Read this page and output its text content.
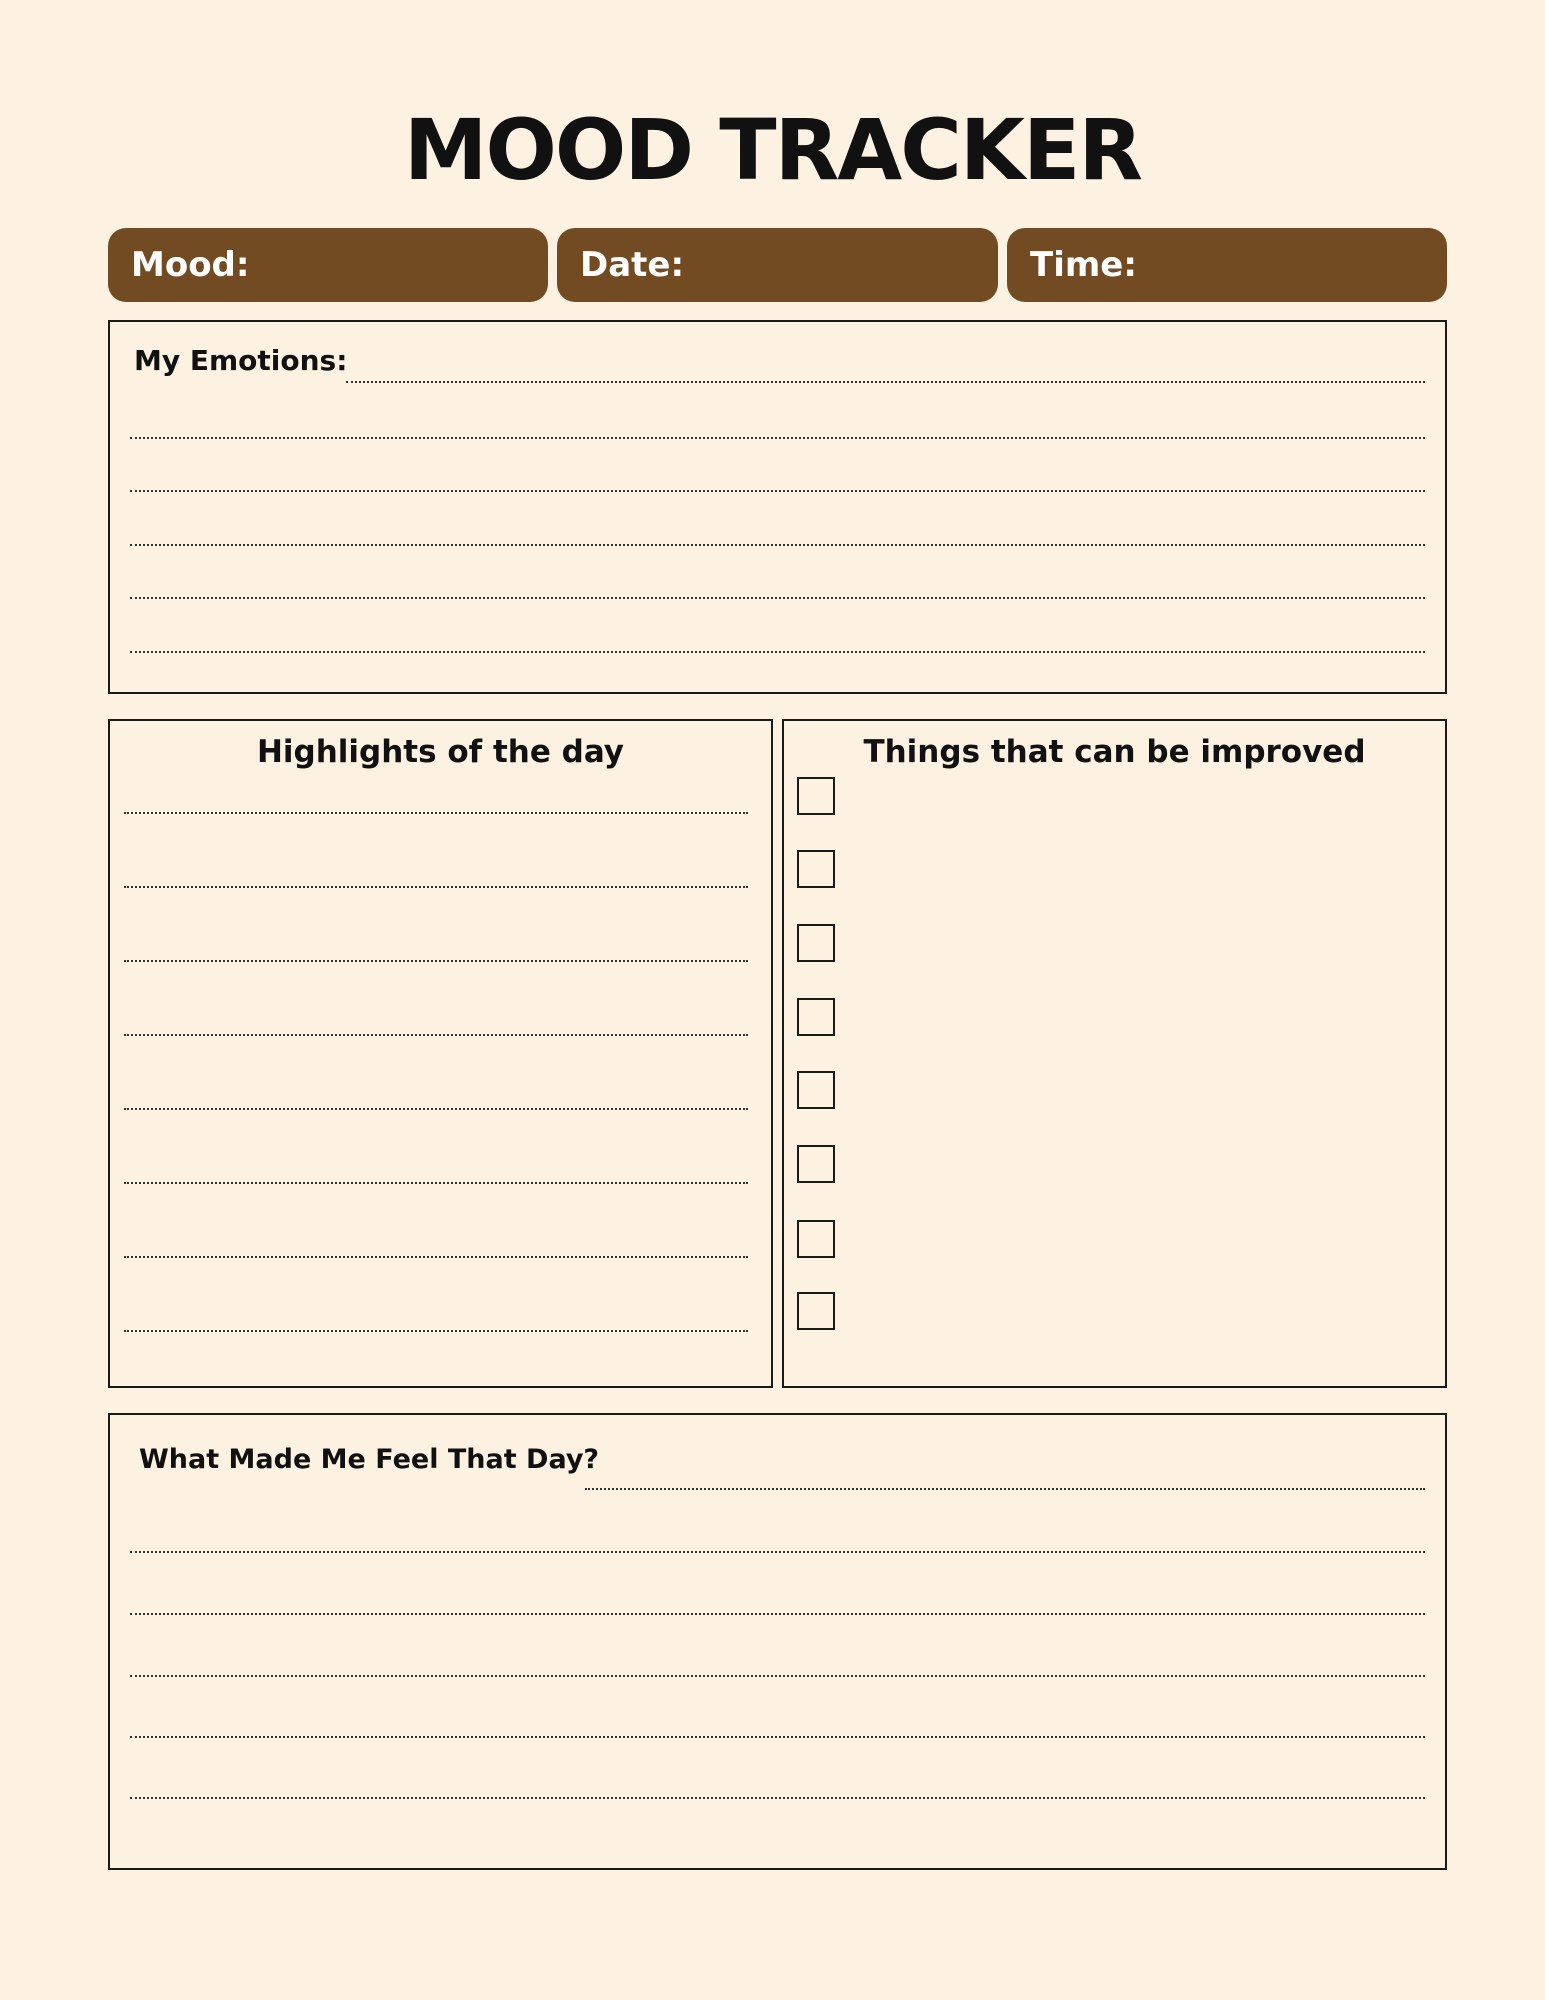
MOOD TRACKER
Mood:	Date:	Time:
My Emotions:
Highlights of the day	Things that can be improved
What Made Me Feel That Day?
